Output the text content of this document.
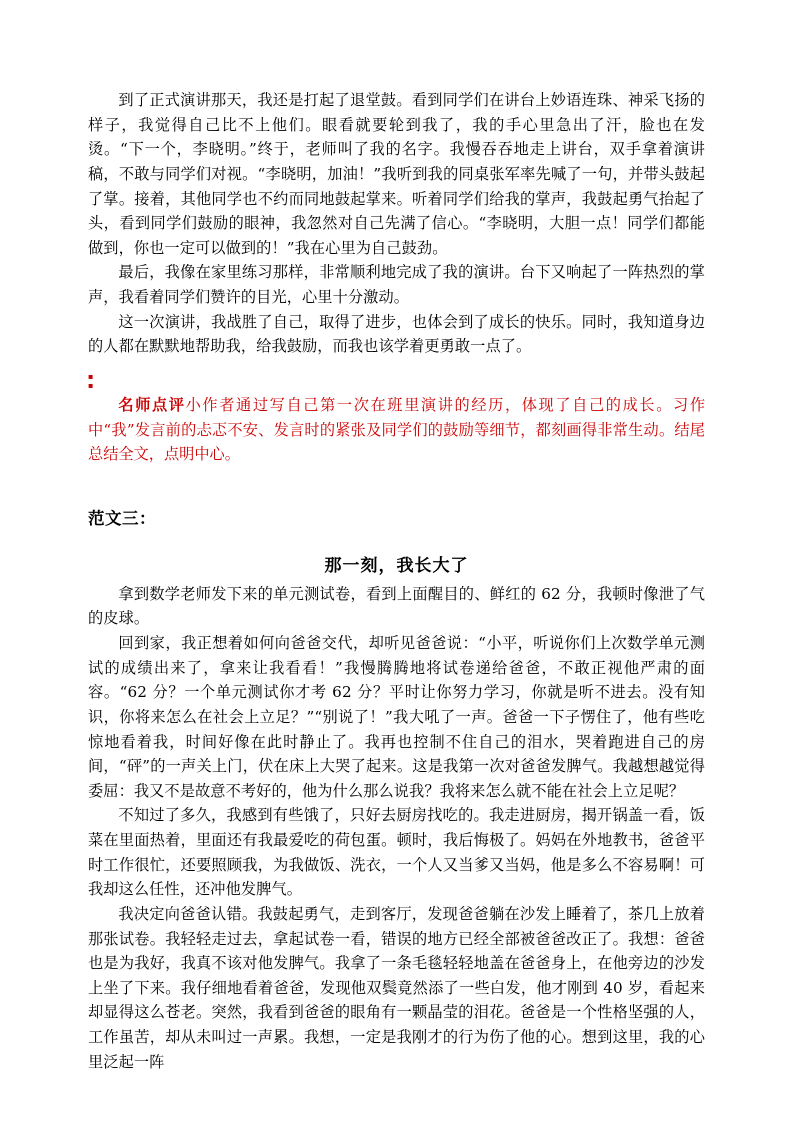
到了正式演讲那天，我还是打起了退堂鼓。看到同学们在讲台上妙语连珠、神采飞扬的样子，我觉得自己比不上他们。眼看就要轮到我了，我的手心里急出了汗，脸也在发烫。“下一个，李晓明。”终于，老师叫了我的名字。我慢吞吞地走上讲台，双手拿着演讲稿，不敢与同学们对视。“李晓明，加油！”我听到我的同桌张军率先喊了一句，并带头鼓起了掌。接着，其他同学也不约而同地鼓起掌来。听着同学们给我的掌声，我鼓起勇气抬起了头，看到同学们鼓励的眼神，我忽然对自己先满了信心。“李晓明，大胆一点！同学们都能做到，你也一定可以做到的！”我在心里为自己鼓劲。

最后，我像在家里练习那样，非常顺利地完成了我的演讲。台下又响起了一阵热烈的掌声，我看着同学们赞许的目光，心里十分激动。

这一次演讲，我战胜了自己，取得了进步，也体会到了成长的快乐。同时，我知道身边的人都在默默地帮助我，给我鼓励，而我也该学着更勇敢一点了。

▪
▪
名师点评小作者通过写自己第一次在班里演讲的经历，体现了自己的成长。习作中“我”发言前的忐忑不安、发言时的紧张及同学们的鼓励等细节，都刻画得非常生动。结尾总结全文，点明中心。
范文三：
那一刻，我长大了

拿到数学老师发下来的单元测试卷，看到上面醒目的、鲜红的 62 分，我顿时像泄了气的皮球。

回到家，我正想着如何向爸爸交代，却听见爸爸说：“小平，听说你们上次数学单元测试的成绩出来了，拿来让我看看！”我慢腾腾地将试卷递给爸爸，不敢正视他严肃的面容。“62 分？一个单元测试你才考 62 分？平时让你努力学习，你就是听不进去。没有知识，你将来怎么在社会上立足？”“别说了！”我大吼了一声。爸爸一下子愣住了，他有些吃惊地看着我，时间好像在此时静止了。我再也控制不住自己的泪水，哭着跑进自己的房间，“砰”的一声关上门，伏在床上大哭了起来。这是我第一次对爸爸发脾气。我越想越觉得委屈：我又不是故意不考好的，他为什么那么说我？我将来怎么就不能在社会上立足呢？

不知过了多久，我感到有些饿了，只好去厨房找吃的。我走进厨房，揭开锅盖一看，饭菜在里面热着，里面还有我最爱吃的荷包蛋。顿时，我后悔极了。妈妈在外地教书，爸爸平时工作很忙，还要照顾我，为我做饭、洗衣，一个人又当爹又当妈，他是多么不容易啊！可我却这么任性，还冲他发脾气。

我决定向爸爸认错。我鼓起勇气，走到客厅，发现爸爸躺在沙发上睡着了，茶几上放着那张试卷。我轻轻走过去，拿起试卷一看，错误的地方已经全部被爸爸改正了。我想：爸爸也是为我好，我真不该对他发脾气。我拿了一条毛毯轻轻地盖在爸爸身上，在他旁边的沙发上坐了下来。我仔细地看着爸爸，发现他双鬓竟然添了一些白发，他才刚到 40 岁，看起来却显得这么苍老。突然，我看到爸爸的眼角有一颗晶莹的泪花。爸爸是一个性格坚强的人，工作虽苦，却从未叫过一声累。我想，一定是我刚才的行为伤了他的心。想到这里，我的心里泛起一阵
